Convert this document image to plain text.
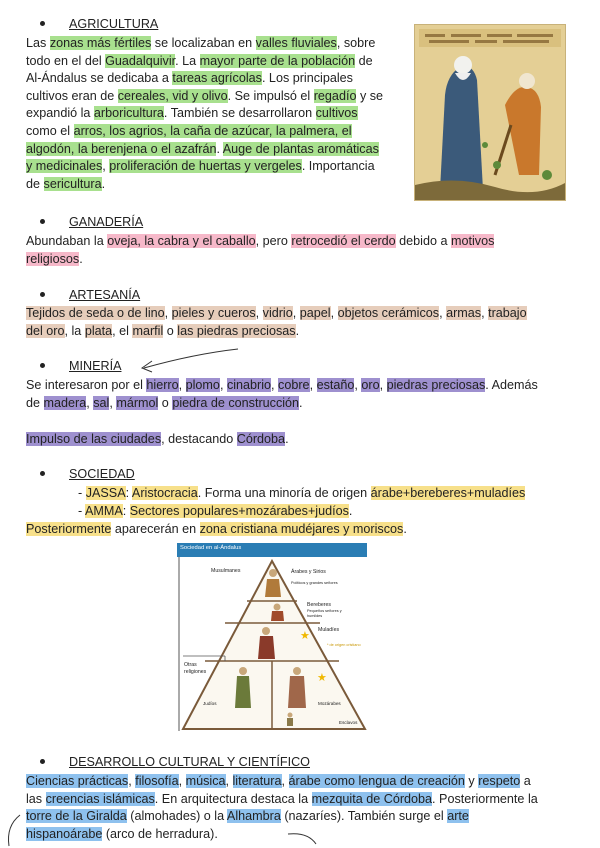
AGRICULTURA
Las zonas más fértiles se localizaban en valles fluviales, sobre
todo en el del Guadalquivir. La mayor parte de la población de
Al-Ándalus se dedicaba a tareas agrícolas. Los principales
cultivos eran de cereales, vid y olivo. Se impulsó el regadío y se
expandió la arboricultura. También se desarrollaron cultivos
como el arros, los agrios, la caña de azúcar, la palmera, el
algodón, la berenjena o el azafrán. Auge de plantas aromáticas
y medicinales, proliferación de huertas y vergeles. Importancia
de sericultura.
GANADERÍA
Abundaban la oveja, la cabra y el caballo, pero retrocedió el cerdo debido a motivos
religiosos.
ARTESANÍA
Tejidos de seda o de lino, pieles y cueros, vidrio, papel, objetos cerámicos, armas, trabajo
del oro, la plata, el marfil o las piedras preciosas.
MINERÍA
Se interesaron por el hierro, plomo, cinabrio, cobre, estaño, oro, piedras preciosas. Además
de madera, sal, mármol o piedra de construcción.
Impulso de las ciudades, destacando Córdoba.
SOCIEDAD
- JASSA: Aristocracia. Forma una minoría de origen árabe+bereberes+muladíes
- AMMA: Sectores populares+mozárabes+judíos.
Posteriormente aparecerán en zona cristiana mudéjares y moriscos.
★
★
Sociedad en al-Ándalus
Musulmanes	Árabes y Sirios
Políticos y grandes señores
Bereberes
Pequeños señores y humildes
Muladíes
* de origen cristiano
Otras religiones
Judíos	Mozárabes
Esclavos
DESARROLLO CULTURAL Y CIENTÍFICO
Ciencias prácticas, filosofía, música, literatura, árabe como lengua de creación y respeto a
las creencias islámicas. En arquitectura destaca la mezquita de Córdoba. Posteriormente la
torre de la Giralda (almohades) o la Alhambra (nazaríes). También surge el arte
hispanoárabe (arco de herradura).
